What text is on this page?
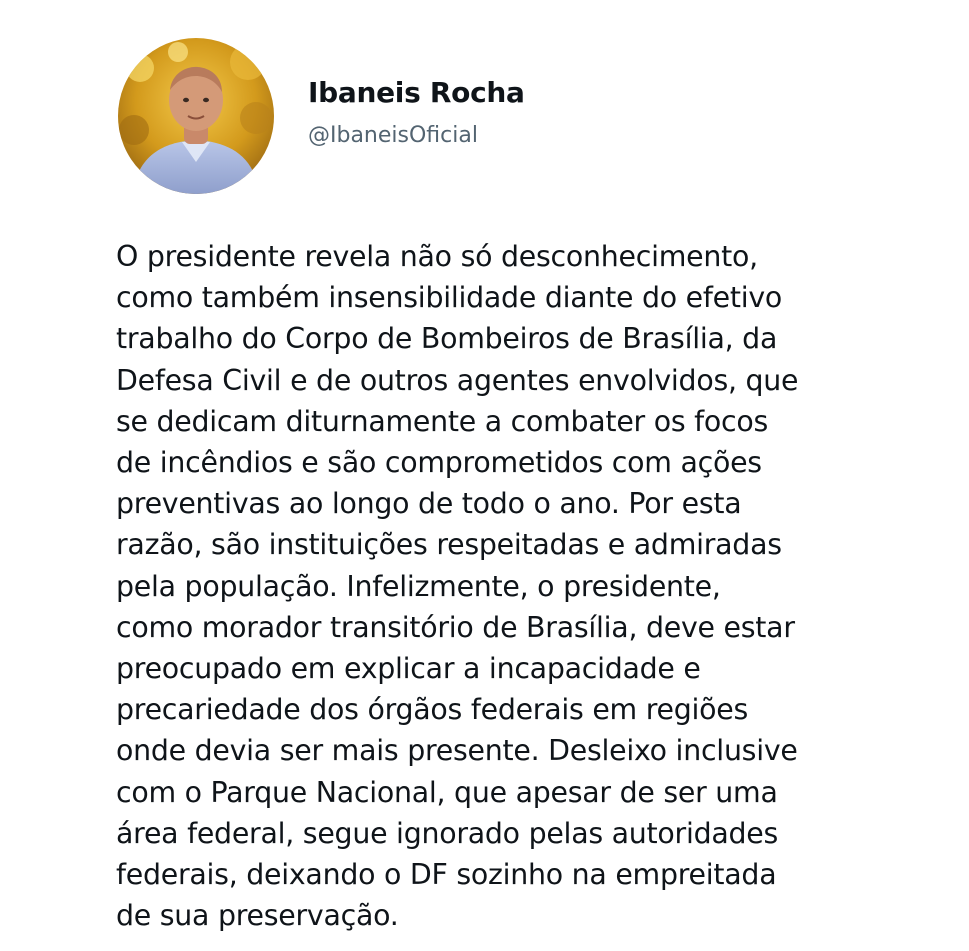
Ibaneis Rocha
@IbaneisOficial

O presidente revela não só desconhecimento,
como também insensibilidade diante do efetivo
trabalho do Corpo de Bombeiros de Brasília, da
Defesa Civil e de outros agentes envolvidos, que
se dedicam diturnamente a combater os focos
de incêndios e são comprometidos com ações
preventivas ao longo de todo o ano. Por esta
razão, são instituições respeitadas e admiradas
pela população. Infelizmente, o presidente,
como morador transitório de Brasília, deve estar
preocupado em explicar a incapacidade e
precariedade dos órgãos federais em regiões
onde devia ser mais presente. Desleixo inclusive
com o Parque Nacional, que apesar de ser uma
área federal, segue ignorado pelas autoridades
federais, deixando o DF sozinho na empreitada
de sua preservação.
